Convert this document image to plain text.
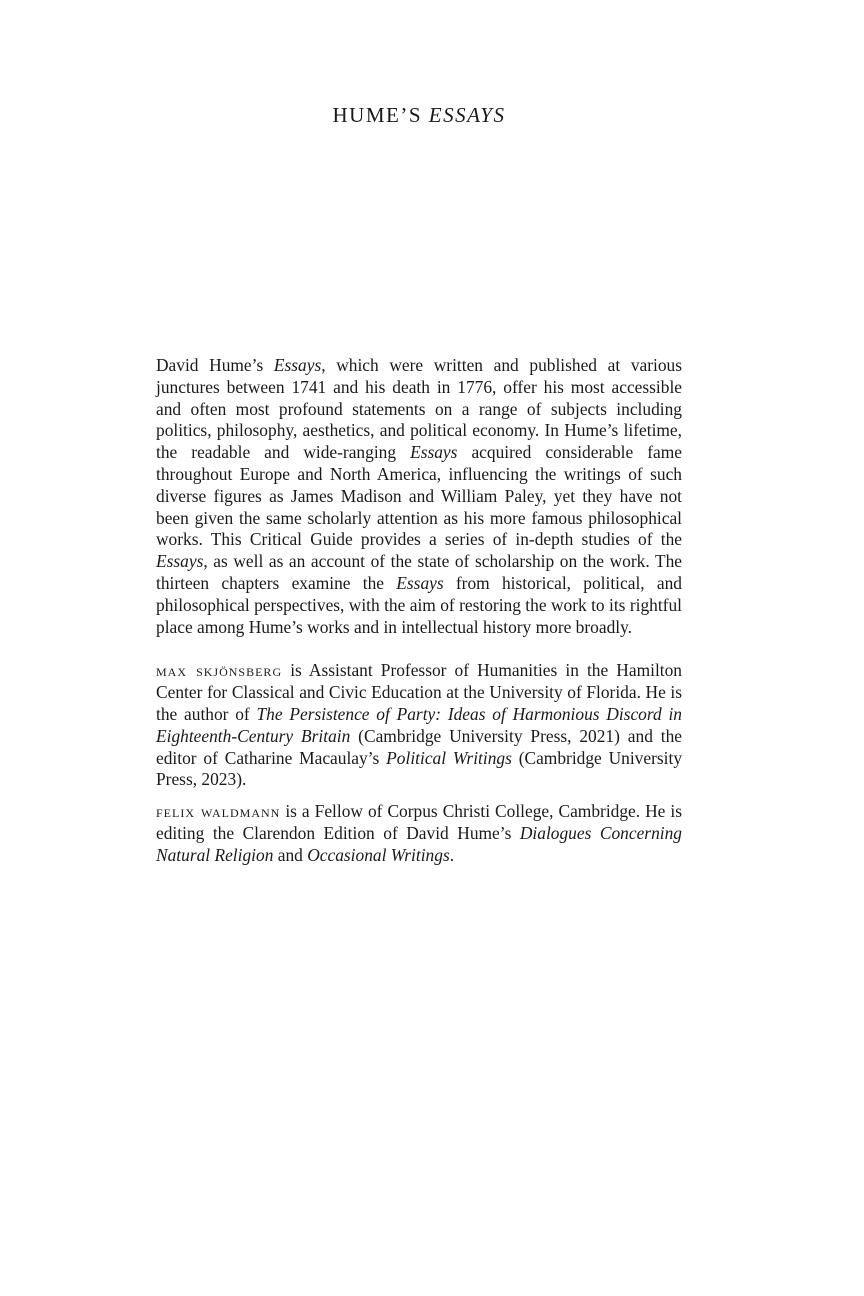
HUME’S ESSAYS

David Hume’s Essays, which were written and published at various junctures between 1741 and his death in 1776, offer his most accessible and often most profound statements on a range of subjects including politics, philosophy, aesthetics, and political economy. In Hume’s lifetime, the readable and wide-ranging Essays acquired considerable fame throughout Europe and North America, influencing the writings of such diverse figures as James Madison and William Paley, yet they have not been given the same scholarly attention as his more famous philosophical works. This Critical Guide provides a series of in-depth studies of the Essays, as well as an account of the state of scholarship on the work. The thirteen chapters examine the Essays from historical, political, and philosophical perspectives, with the aim of restoring the work to its rightful place among Hume’s works and in intellectual history more broadly.

max skjönsberg is Assistant Professor of Humanities in the Hamilton Center for Classical and Civic Education at the University of Florida. He is the author of The Persistence of Party: Ideas of Harmonious Discord in Eighteenth-Century Britain (Cambridge University Press, 2021) and the editor of Catharine Macaulay’s Political Writings (Cambridge University Press, 2023).

felix waldmann is a Fellow of Corpus Christi College, Cambridge. He is editing the Clarendon Edition of David Hume’s Dialogues Concerning Natural Religion and Occasional Writings.
